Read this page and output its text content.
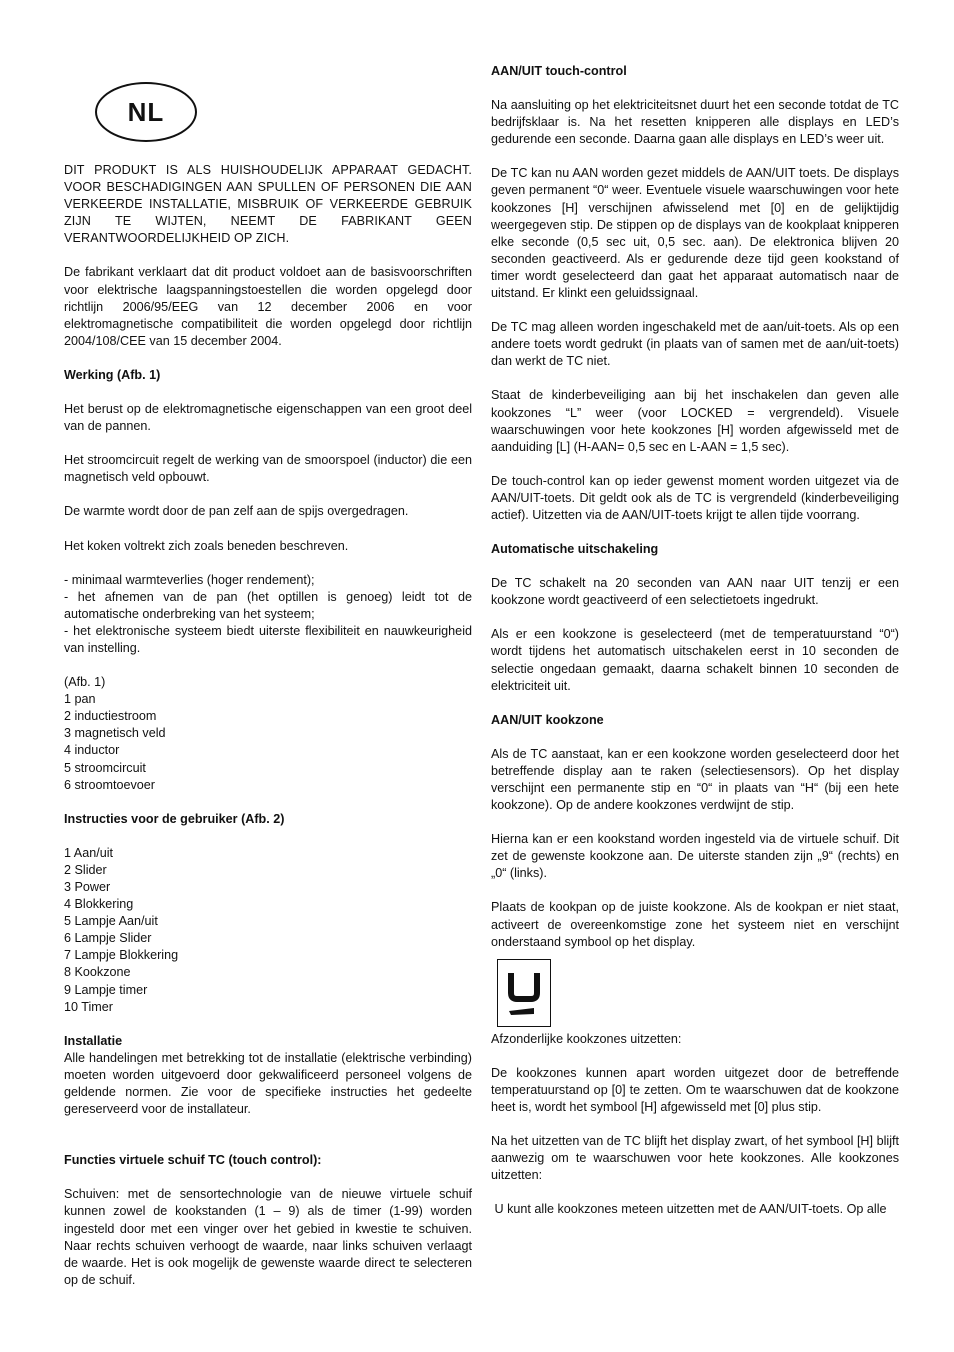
NL

DIT PRODUKT IS ALS HUISHOUDELIJK APPARAAT GEDACHT. VOOR BESCHADIGINGEN AAN SPULLEN OF PERSONEN DIE AAN VERKEERDE INSTALLATIE, MISBRUIK OF VERKEERDE GEBRUIK ZIJN TE WIJTEN, NEEMT DE FABRIKANT GEEN VERANTWOORDELIJKHEID OP ZICH.

De fabrikant verklaart dat dit product voldoet aan de basisvoorschriften voor elektrische laagspanningstoestellen die worden opgelegd door richtlijn 2006/95/EEG van 12 december 2006 en voor elektromagnetische compatibiliteit die worden opgelegd door richtlijn 2004/108/CEE van 15 december 2004.

Werking (Afb. 1)

Het berust op de elektromagnetische eigenschappen van een groot deel van de pannen.

Het stroomcircuit regelt de werking van de smoorspoel (inductor) die een magnetisch veld opbouwt.

De warmte wordt door de pan zelf aan de spijs overgedragen.

Het koken voltrekt zich zoals beneden beschreven.

- minimaal warmteverlies (hoger rendement);
- het afnemen van de pan (het optillen is genoeg) leidt tot de automatische onderbreking van het systeem;
- het elektronische systeem biedt uiterste flexibiliteit en nauwkeurigheid van instelling.
(Afb. 1)
1 pan
2 inductiestroom
3 magnetisch veld
4 inductor
5 stroomcircuit
6 stroomtoevoer
Instructies voor de gebruiker (Afb. 2)
1 Aan/uit
2 Slider
3 Power
4 Blokkering
5 Lampje Aan/uit
6 Lampje Slider
7 Lampje Blokkering
8 Kookzone
9 Lampje timer
10 Timer
Installatie

Alle handelingen met betrekking tot de installatie (elektrische verbinding) moeten worden uitgevoerd door gekwalificeerd personeel volgens de geldende normen. Zie voor de specifieke instructies het gedeelte gereserveerd voor de installateur.

Functies virtuele schuif TC (touch control):

Schuiven: met de sensortechnologie van de nieuwe virtuele schuif kunnen zowel de kookstanden (1 – 9) als de timer (1-99) worden ingesteld door met een vinger over het gebied in kwestie te schuiven. Naar rechts schuiven verhoogt de waarde, naar links schuiven verlaagt de waarde. Het is ook mogelijk de gewenste waarde direct te selecteren op de schuif.

AAN/UIT touch-control

Na aansluiting op het elektriciteitsnet duurt het een seconde totdat de TC bedrijfsklaar is. Na het resetten knipperen alle displays en LED’s gedurende een seconde. Daarna gaan alle displays en LED’s weer uit.

De TC kan nu AAN worden gezet middels de AAN/UIT toets. De displays geven permanent “0“ weer. Eventuele visuele waarschuwingen voor hete kookzones [H] verschijnen afwisselend met [0] en de gelijktijdig weergegeven stip. De stippen op de displays van de kookplaat knipperen elke seconde (0,5 sec uit, 0,5 sec. aan). De elektronica blijven 20 seconden geactiveerd. Als er gedurende deze tijd geen kookstand of timer wordt geselecteerd dan gaat het apparaat automatisch naar de uitstand. Er klinkt een geluidssignaal.

De TC mag alleen worden ingeschakeld met de aan/uit-toets. Als op een andere toets wordt gedrukt (in plaats van of samen met de aan/uit-toets) dan werkt de TC niet.

Staat de kinderbeveiliging aan bij het inschakelen dan geven alle kookzones “L” weer (voor LOCKED = vergrendeld). Visuele waarschuwingen voor hete kookzones [H] worden afgewisseld met de aanduiding [L] (H-AAN= 0,5 sec en L-AAN = 1,5 sec).

De touch-control kan op ieder gewenst moment worden uitgezet via de AAN/UIT-toets. Dit geldt ook als de TC is vergrendeld (kinderbeveiliging actief). Uitzetten via de AAN/UIT-toets krijgt te allen tijde voorrang.

Automatische uitschakeling

De TC schakelt na 20 seconden van AAN naar UIT tenzij er een kookzone wordt geactiveerd of een selectietoets ingedrukt.

Als er een kookzone is geselecteerd (met de temperatuurstand “0“) wordt tijdens het automatisch uitschakelen eerst in 10 seconden de selectie ongedaan gemaakt, daarna schakelt binnen 10 seconden de elektriciteit uit.

AAN/UIT kookzone

Als de TC aanstaat, kan er een kookzone worden geselecteerd door het betreffende display aan te raken (selectiesensors). Op het display verschijnt een permanente stip en “0“ in plaats van “H“ (bij een hete kookzone). Op de andere kookzones verdwijnt de stip.

Hierna kan er een kookstand worden ingesteld via de virtuele schuif. Dit zet de gewenste kookzone aan. De uiterste standen zijn „9“ (rechts) en „0“ (links).

Plaats de kookpan op de juiste kookzone. Als de kookpan er niet staat, activeert de overeenkomstige zone het systeem niet en verschijnt onderstaand symbool op het display.

Afzonderlijke kookzones uitzetten:

De kookzones kunnen apart worden uitgezet door de betreffende temperatuurstand op [0] te zetten. Om te waarschuwen dat de kookzone heet is, wordt het symbool [H] afgewisseld met [0] plus stip.

Na het uitzetten van de TC blijft het display zwart, of het symbool [H] blijft aanwezig om te waarschuwen voor hete kookzones. Alle kookzones uitzetten:

U kunt alle kookzones meteen uitzetten met de AAN/UIT-toets. Op alle
